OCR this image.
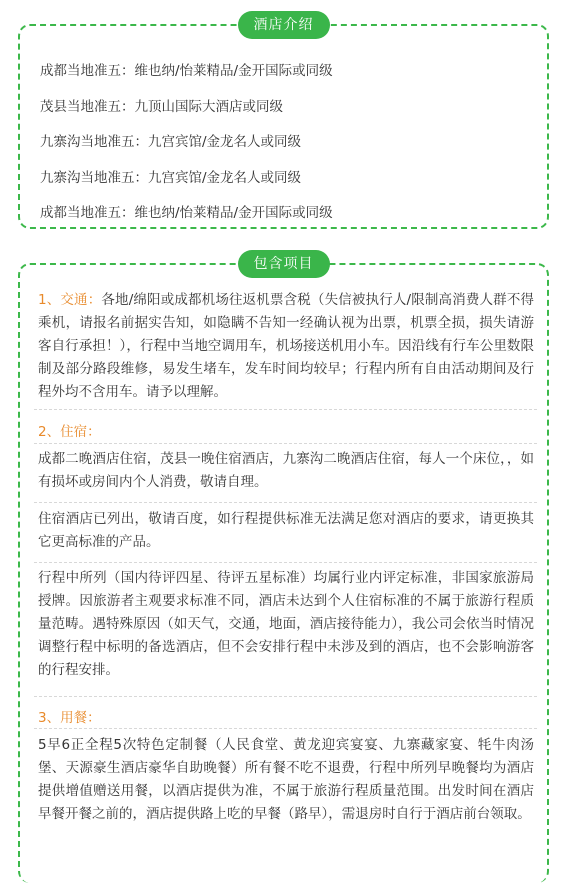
酒店介绍
成都当地准五：维也纳/怡莱精品/金开国际或同级
茂县当地准五：九顶山国际大酒店或同级
九寨沟当地准五：九宫宾馆/金龙名人或同级
九寨沟当地准五：九宫宾馆/金龙名人或同级
成都当地准五：维也纳/怡莱精品/金开国际或同级
包含项目
1、交通：各地/绵阳或成都机场往返机票含税（失信被执行人/限制高消费人群不得乘机，请报名前据实告知，如隐瞒不告知一经确认视为出票，机票全损，损失请游客自行承担！），行程中当地空调用车，机场接送机用小车。因沿线有行车公里数限制及部分路段维修，易发生堵车，发车时间均较早；行程内所有自由活动期间及行程外均不含用车。请予以理解。
2、住宿：
成都二晚酒店住宿，茂县一晚住宿酒店，九寨沟二晚酒店住宿，每人一个床位，，如有损坏或房间内个人消费，敬请自理。
住宿酒店已列出，敬请百度，如行程提供标准无法满足您对酒店的要求，请更换其它更高标准的产品。
行程中所列（国内待评四星、待评五星标准）均属行业内评定标准，非国家旅游局授牌。因旅游者主观要求标准不同，酒店未达到个人住宿标准的不属于旅游行程质量范畴。遇特殊原因（如天气，交通，地面，酒店接待能力），我公司会依当时情况调整行程中标明的备选酒店，但不会安排行程中未涉及到的酒店，也不会影响游客的行程安排。
3、用餐：
5早6正全程5次特色定制餐（人民食堂、黄龙迎宾宴宴、九寨藏家宴、牦牛肉汤堡、天源豪生酒店豪华自助晚餐）所有餐不吃不退费，行程中所列早晚餐均为酒店提供增值赠送用餐，以酒店提供为准，不属于旅游行程质量范围。出发时间在酒店早餐开餐之前的，酒店提供路上吃的早餐（路早），需退房时自行于酒店前台领取。
